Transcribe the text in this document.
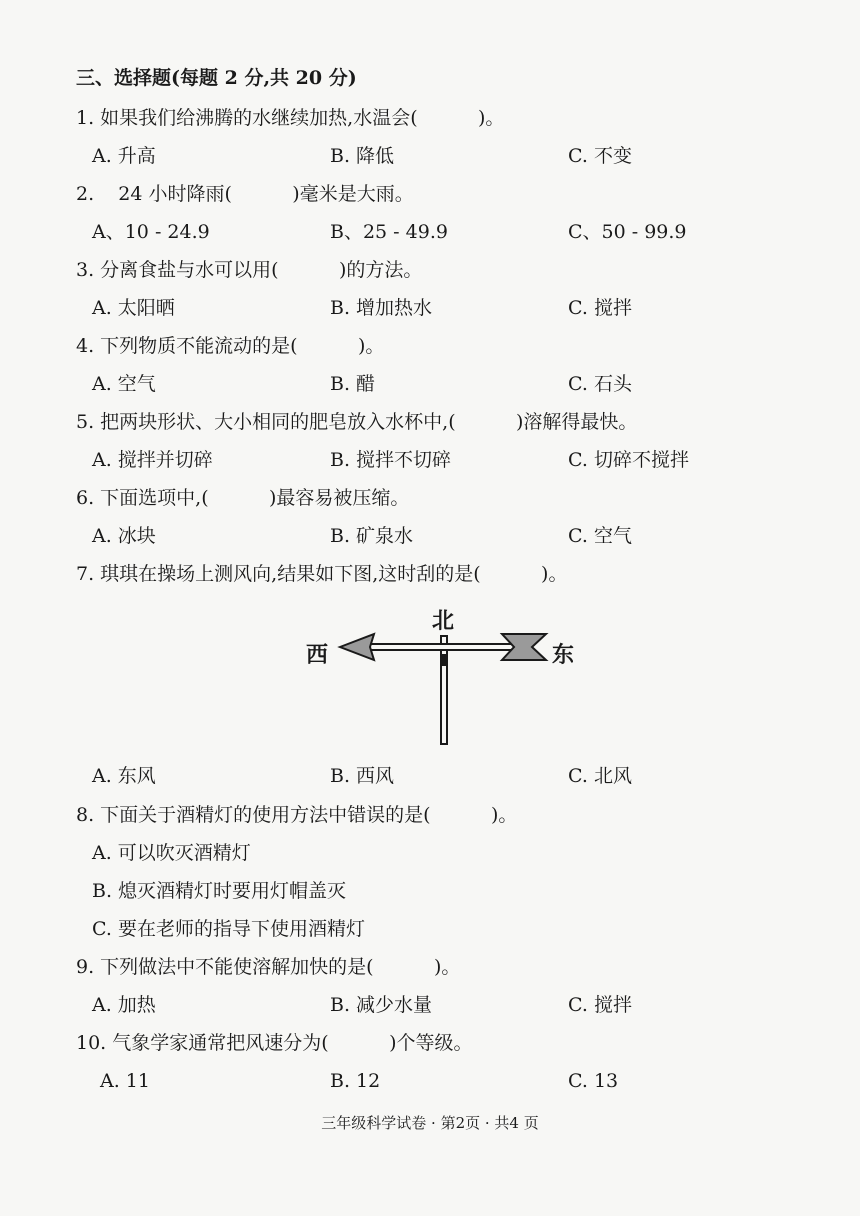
三、选择题(每题 2 分,共 20 分)
1. 如果我们给沸腾的水继续加热,水温会(          )。
A. 升高	B. 降低	C. 不变
2.    24 小时降雨(          )毫米是大雨。
A、10 - 24.9	B、25 - 49.9	C、50 - 99.9
3. 分离食盐与水可以用(          )的方法。
A. 太阳晒	B. 增加热水	C. 搅拌
4. 下列物质不能流动的是(          )。
A. 空气	B. 醋	C. 石头
5. 把两块形状、大小相同的肥皂放入水杯中,(          )溶解得最快。
A. 搅拌并切碎	B. 搅拌不切碎	C. 切碎不搅拌
6. 下面选项中,(          )最容易被压缩。
A. 冰块	B. 矿泉水	C. 空气
7. 琪琪在操场上测风向,结果如下图,这时刮的是(          )。
北
西	东
A. 东风	B. 西风	C. 北风
8. 下面关于酒精灯的使用方法中错误的是(          )。
A. 可以吹灭酒精灯
B. 熄灭酒精灯时要用灯帽盖灭
C. 要在老师的指导下使用酒精灯
9. 下列做法中不能使溶解加快的是(          )。
A. 加热	B. 减少水量	C. 搅拌
10. 气象学家通常把风速分为(          )个等级。
A. 11	B. 12	C. 13
三年级科学试卷 · 第2页 · 共4 页
